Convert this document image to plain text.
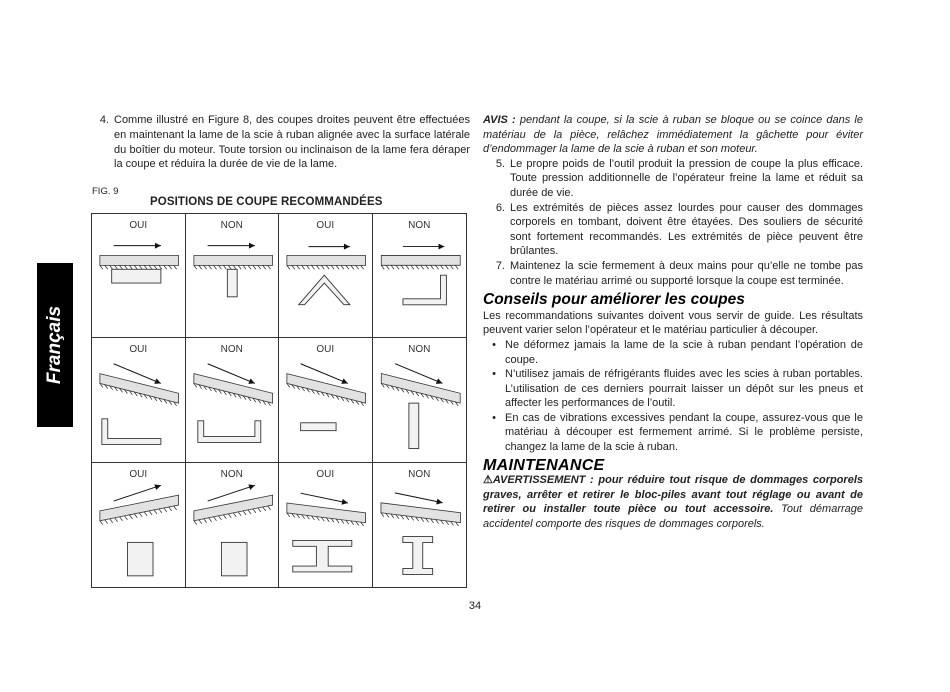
Français
4. Comme illustré en Figure 8, des coupes droites peuvent être effectuées en maintenant la lame de la scie à ruban alignée avec la surface latérale du boîtier du moteur. Toute torsion ou inclinaison de la lame fera déraper la coupe et réduira la durée de vie de la lame.
FIG. 9
POSITIONS DE COUPE RECOMMANDÉES
OUI	NON	OUI	NON
OUI	NON	OUI	NON
OUI	NON	OUI	NON

AVIS : pendant la coupe, si la scie à ruban se bloque ou se coince dans le matériau de la pièce, relâchez immédiatement la gâchette pour éviter d’endommager la lame de la scie à ruban et son moteur.

5. Le propre poids de l’outil produit la pression de coupe la plus efficace. Toute pression additionnelle de l’opérateur freine la lame et réduit sa durée de vie.
6. Les extrémités de pièces assez lourdes pour causer des dommages corporels en tombant, doivent être étayées. Des souliers de sécurité sont fortement recommandés. Les extrémités de pièce peuvent être brûlantes.
7. Maintenez la scie fermement à deux mains pour qu’elle ne tombe pas contre le matériau arrimé ou supporté lorsque la coupe est terminée.
Conseils pour améliorer les coupes

Les recommandations suivantes doivent vous servir de guide. Les résultats peuvent varier selon l’opérateur et le matériau particulier à découper.

• Ne déformez jamais la lame de la scie à ruban pendant l’opération de coupe.
• N’utilisez jamais de réfrigérants fluides avec les scies à ruban portables. L’utilisation de ces derniers pourrait laisser un dépôt sur les pneus et affecter les performances de l’outil.
• En cas de vibrations excessives pendant la coupe, assurez-vous que le matériau à découper est fermement arrimé. Si le problème persiste, changez la lame de la scie à ruban.
MAINTENANCE

⚠AVERTISSEMENT : pour réduire tout risque de dommages corporels graves, arrêter et retirer le bloc-piles avant tout réglage ou avant de retirer ou installer toute pièce ou tout accessoire. Tout démarrage accidentel comporte des risques de dommages corporels.

34
